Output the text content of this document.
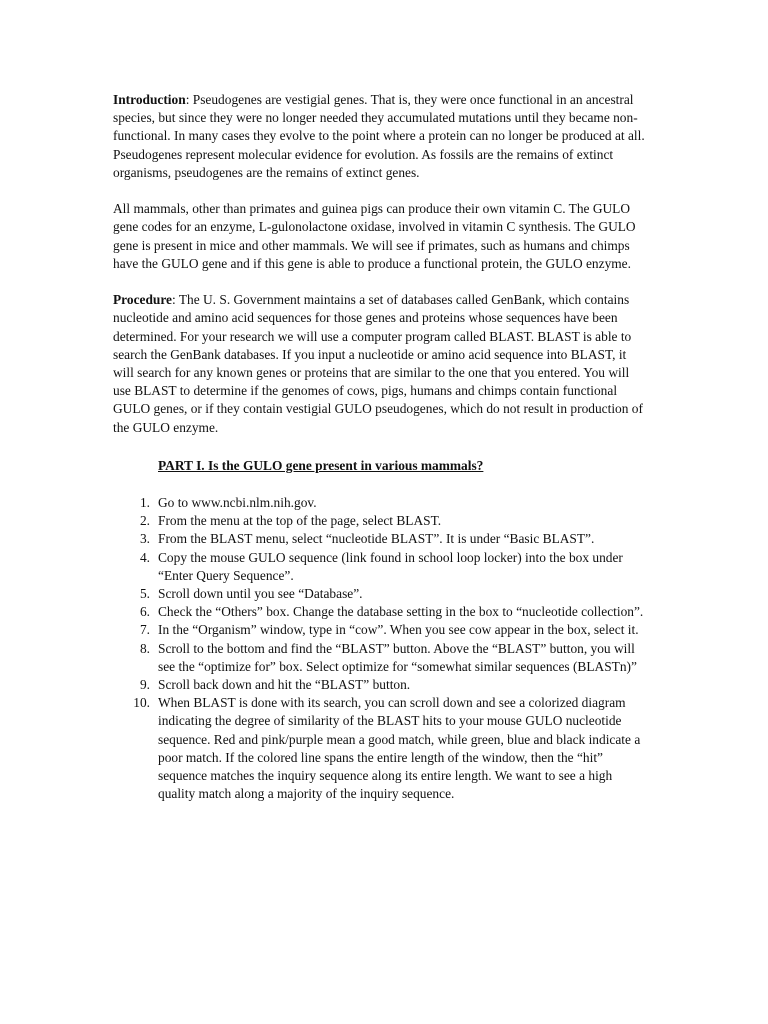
Introduction: Pseudogenes are vestigial genes. That is, they were once functional in an ancestral species, but since they were no longer needed they accumulated mutations until they became non-functional. In many cases they evolve to the point where a protein can no longer be produced at all. Pseudogenes represent molecular evidence for evolution. As fossils are the remains of extinct organisms, pseudogenes are the remains of extinct genes.

All mammals, other than primates and guinea pigs can produce their own vitamin C. The GULO gene codes for an enzyme, L-gulonolactone oxidase, involved in vitamin C synthesis. The GULO gene is present in mice and other mammals. We will see if primates, such as humans and chimps have the GULO gene and if this gene is able to produce a functional protein, the GULO enzyme.

Procedure: The U. S. Government maintains a set of databases called GenBank, which contains nucleotide and amino acid sequences for those genes and proteins whose sequences have been determined. For your research we will use a computer program called BLAST. BLAST is able to search the GenBank databases. If you input a nucleotide or amino acid sequence into BLAST, it will search for any known genes or proteins that are similar to the one that you entered. You will use BLAST to determine if the genomes of cows, pigs, humans and chimps contain functional GULO genes, or if they contain vestigial GULO pseudogenes, which do not result in production of the GULO enzyme.

PART I. Is the GULO gene present in various mammals?

1. Go to www.ncbi.nlm.nih.gov.
2. From the menu at the top of the page, select BLAST.
3. From the BLAST menu, select “nucleotide BLAST”. It is under “Basic BLAST”.
4. Copy the mouse GULO sequence (link found in school loop locker) into the box under “Enter Query Sequence”.
5. Scroll down until you see “Database”.
6. Check the “Others” box. Change the database setting in the box to “nucleotide collection”.
7. In the “Organism” window, type in “cow”. When you see cow appear in the box, select it.
8. Scroll to the bottom and find the “BLAST” button. Above the “BLAST” button, you will see the “optimize for” box. Select optimize for “somewhat similar sequences (BLASTn)”
9. Scroll back down and hit the “BLAST” button.
10. When BLAST is done with its search, you can scroll down and see a colorized diagram indicating the degree of similarity of the BLAST hits to your mouse GULO nucleotide sequence. Red and pink/purple mean a good match, while green, blue and black indicate a poor match. If the colored line spans the entire length of the window, then the “hit” sequence matches the inquiry sequence along its entire length. We want to see a high quality match along a majority of the inquiry sequence.
